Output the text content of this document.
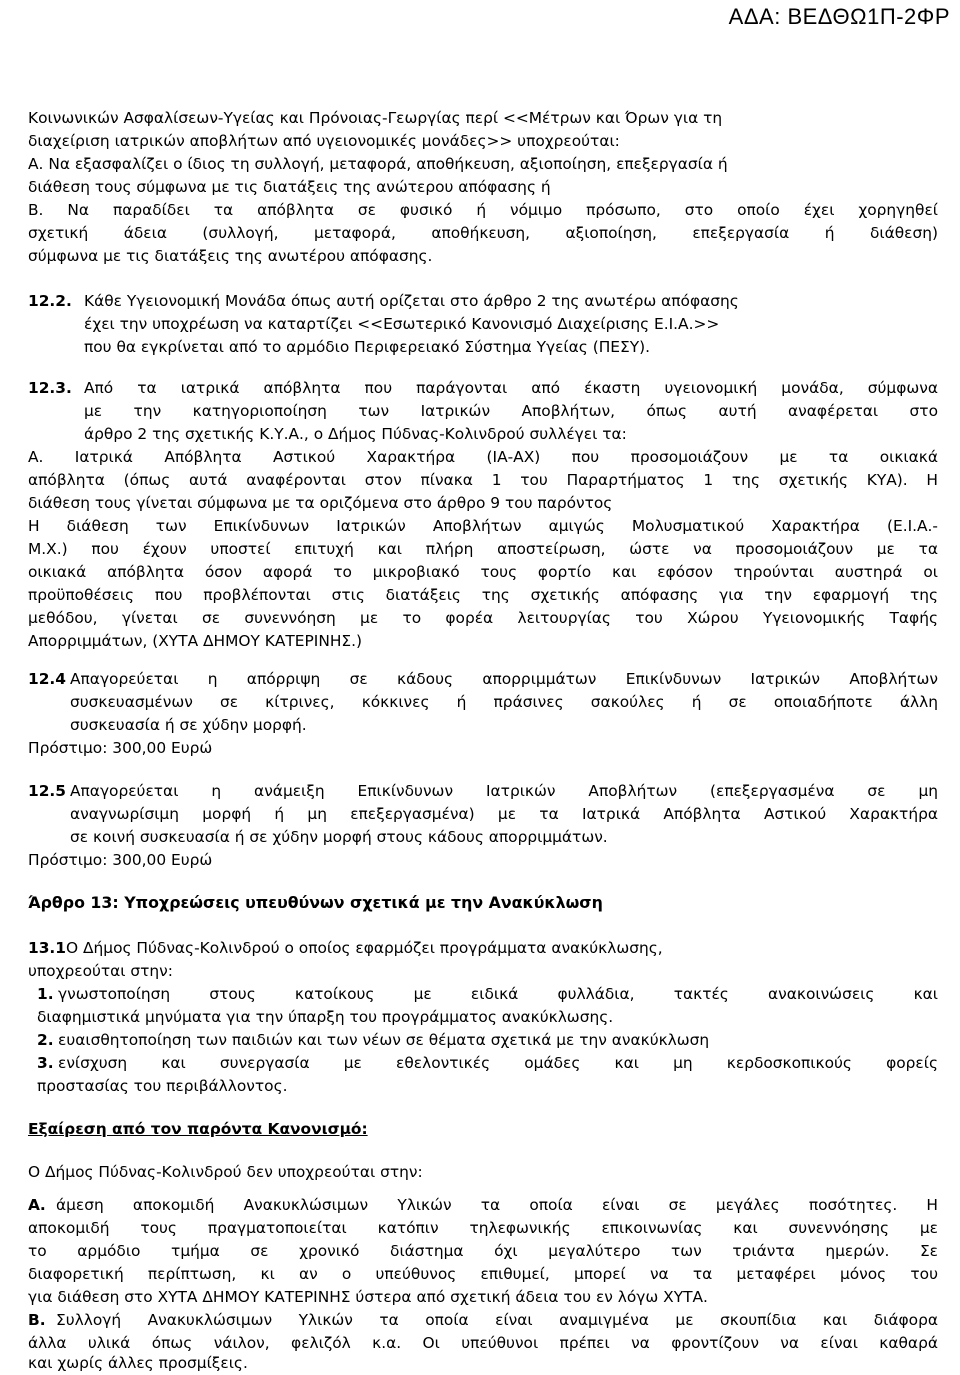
ΑΔΑ: ΒΕΔΘΩ1Π-2ΦΡ
Κοινωνικών Ασφαλίσεων-Υγείας και Πρόνοιας-Γεωργίας περί <<Μέτρων και Όρων για τη
διαχείριση ιατρικών αποβλήτων από υγειονομικές μονάδες>> υποχρεούται:
Α. Να εξασφαλίζει ο ίδιος τη συλλογή, μεταφορά, αποθήκευση, αξιοποίηση, επεξεργασία ή
διάθεση τους σύμφωνα με τις διατάξεις της ανώτερου απόφασης ή
Β. Να παραδίδει τα απόβλητα σε φυσικό ή νόμιμο πρόσωπο, στο οποίο έχει χορηγηθεί
σχετική άδεια (συλλογή, μεταφορά, αποθήκευση, αξιοποίηση, επεξεργασία ή διάθεση)
σύμφωνα με τις διατάξεις της ανωτέρου απόφασης.
12.2. Κάθε Υγειονομική Μονάδα όπως αυτή ορίζεται στο άρθρο 2 της ανωτέρω απόφασης
έχει την υποχρέωση να καταρτίζει <<Εσωτερικό Κανονισμό Διαχείρισης Ε.Ι.Α.>>
που θα εγκρίνεται από το αρμόδιο Περιφερειακό Σύστημα Υγείας (ΠΕΣΥ).
12.3. Από τα ιατρικά απόβλητα που παράγονται από έκαστη υγειονομική μονάδα, σύμφωνα
με την κατηγοριοποίηση των Ιατρικών Αποβλήτων, όπως αυτή αναφέρεται στο
άρθρο 2 της σχετικής Κ.Υ.Α., ο Δήμος Πύδνας-Κολινδρού συλλέγει τα:
Α. Ιατρικά Απόβλητα Αστικού Χαρακτήρα (ΙΑ-ΑΧ) που προσομοιάζουν με τα οικιακά
απόβλητα (όπως αυτά αναφέρονται στον πίνακα 1 του Παραρτήματος 1 της σχετικής ΚΥΑ). Η
διάθεση τους γίνεται σύμφωνα με τα οριζόμενα στο άρθρο 9 του παρόντος
Η διάθεση των Επικίνδυνων Ιατρικών Αποβλήτων αμιγώς Μολυσματικού Χαρακτήρα (Ε.Ι.Α.-
Μ.Χ.) που έχουν υποστεί επιτυχή και πλήρη αποστείρωση, ώστε να προσομοιάζουν με τα
οικιακά απόβλητα όσον αφορά το μικροβιακό τους φορτίο και εφόσον τηρούνται αυστηρά οι
προϋποθέσεις που προβλέπονται στις διατάξεις της σχετικής απόφασης για την εφαρμογή της
μεθόδου, γίνεται σε συνεννόηση με το φορέα λειτουργίας του Χώρου Υγειονομικής Ταφής
Απορριμμάτων, (ΧΥΤΑ ΔΗΜΟΥ ΚΑΤΕΡΙΝΗΣ.)
12.4 Απαγορεύεται η απόρριψη σε κάδους απορριμμάτων Επικίνδυνων Ιατρικών Αποβλήτων
συσκευασμένων σε κίτρινες, κόκκινες ή πράσινες σακούλες ή σε οποιαδήποτε άλλη
συσκευασία ή σε χύδην μορφή.
Πρόστιμο: 300,00 Ευρώ
12.5 Απαγορεύεται η ανάμειξη Επικίνδυνων Ιατρικών Αποβλήτων (επεξεργασμένα σε μη
αναγνωρίσιμη μορφή ή μη επεξεργασμένα) με τα Ιατρικά Απόβλητα Αστικού Χαρακτήρα
σε κοινή συσκευασία ή σε χύδην μορφή στους κάδους απορριμμάτων.
Πρόστιμο: 300,00 Ευρώ
Άρθρο 13: Υποχρεώσεις υπευθύνων σχετικά με την Ανακύκλωση
13.1 Ο Δήμος Πύδνας-Κολινδρού ο οποίος εφαρμόζει προγράμματα ανακύκλωσης,
υποχρεούται στην:
1. γνωστοποίηση στους κατοίκους με ειδικά φυλλάδια, τακτές ανακοινώσεις και
διαφημιστικά μηνύματα για την ύπαρξη του προγράμματος ανακύκλωσης.
2. ευαισθητοποίηση των παιδιών και των νέων σε θέματα σχετικά με την ανακύκλωση
3. ενίσχυση και συνεργασία με εθελοντικές ομάδες και μη κερδοσκοπικούς φορείς
προστασίας του περιβάλλοντος.
Εξαίρεση από τον παρόντα Κανονισμό:
Ο Δήμος Πύδνας-Κολινδρού δεν υποχρεούται στην:
Α. άμεση αποκομιδή Ανακυκλώσιμων Υλικών τα οποία είναι σε μεγάλες ποσότητες. Η
αποκομιδή τους πραγματοποιείται κατόπιν τηλεφωνικής επικοινωνίας και συνεννόησης με
το αρμόδιο τμήμα σε χρονικό διάστημα όχι μεγαλύτερο των τριάντα ημερών. Σε
διαφορετική περίπτωση, κι αν ο υπεύθυνος επιθυμεί, μπορεί να τα μεταφέρει μόνος του
για διάθεση στο ΧΥΤΑ ΔΗΜΟΥ ΚΑΤΕΡΙΝΗΣ ύστερα από σχετική άδεια του εν λόγω ΧΥΤΑ.
Β. Συλλογή Ανακυκλώσιμων Υλικών τα οποία είναι αναμιγμένα με σκουπίδια και διάφορα
άλλα υλικά όπως νάιλον, φελιζόλ κ.α. Οι υπεύθυνοι πρέπει να φροντίζουν να είναι καθαρά
και χωρίς άλλες προσμίξεις.
